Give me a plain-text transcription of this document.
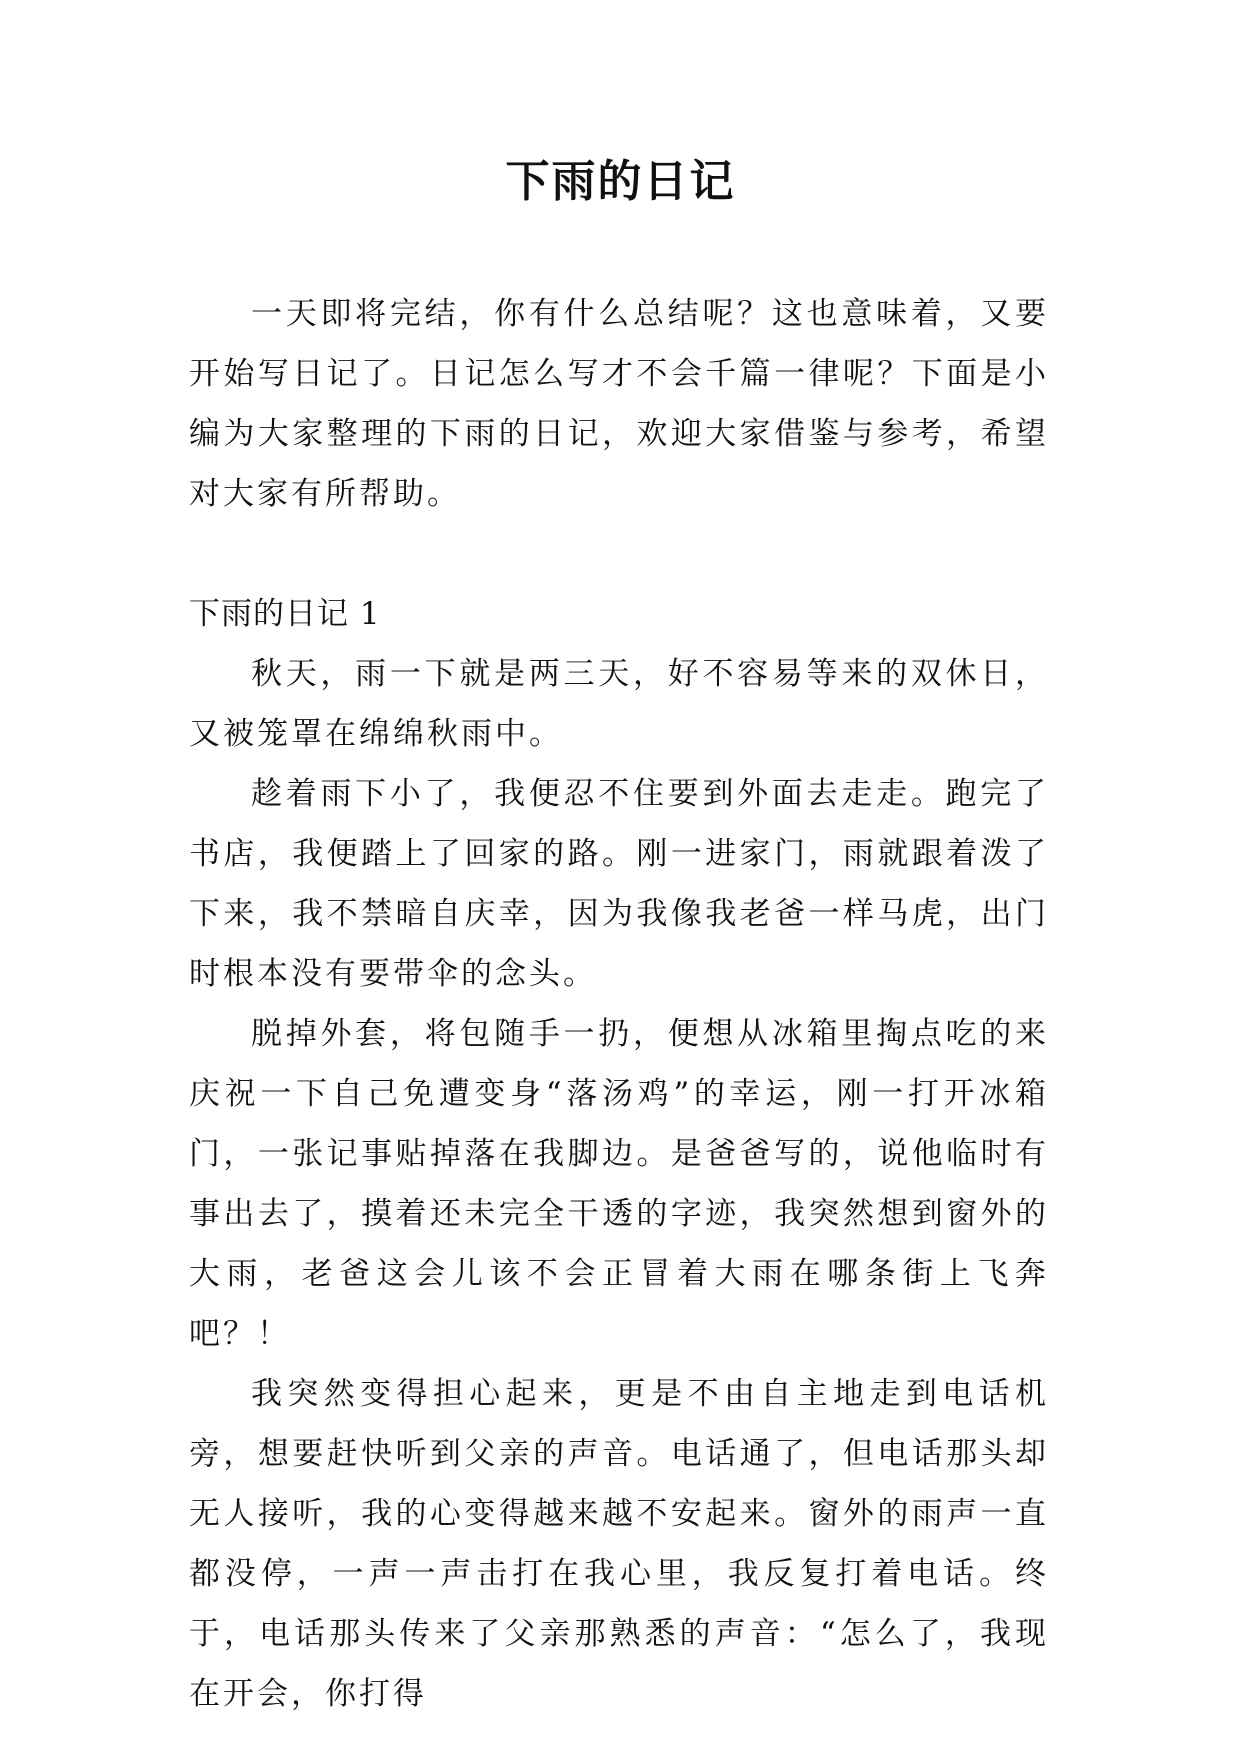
下雨的日记

一天即将完结，你有什么总结呢？这也意味着，又要开始写日记了。日记怎么写才不会千篇一律呢？下面是小编为大家整理的下雨的日记，欢迎大家借鉴与参考，希望对大家有所帮助。

下雨的日记 1

秋天，雨一下就是两三天，好不容易等来的双休日，又被笼罩在绵绵秋雨中。

趁着雨下小了，我便忍不住要到外面去走走。跑完了书店，我便踏上了回家的路。刚一进家门，雨就跟着泼了下来，我不禁暗自庆幸，因为我像我老爸一样马虎，出门时根本没有要带伞的念头。

脱掉外套，将包随手一扔，便想从冰箱里掏点吃的来庆祝一下自己免遭变身“落汤鸡”的幸运，刚一打开冰箱门，一张记事贴掉落在我脚边。是爸爸写的，说他临时有事出去了，摸着还未完全干透的字迹，我突然想到窗外的大雨，老爸这会儿该不会正冒着大雨在哪条街上飞奔吧？！

我突然变得担心起来，更是不由自主地走到电话机旁，想要赶快听到父亲的声音。电话通了，但电话那头却无人接听，我的心变得越来越不安起来。窗外的雨声一直都没停，一声一声击打在我心里，我反复打着电话。终于，电话那头传来了父亲那熟悉的声音：“怎么了，我现在开会，你打得
